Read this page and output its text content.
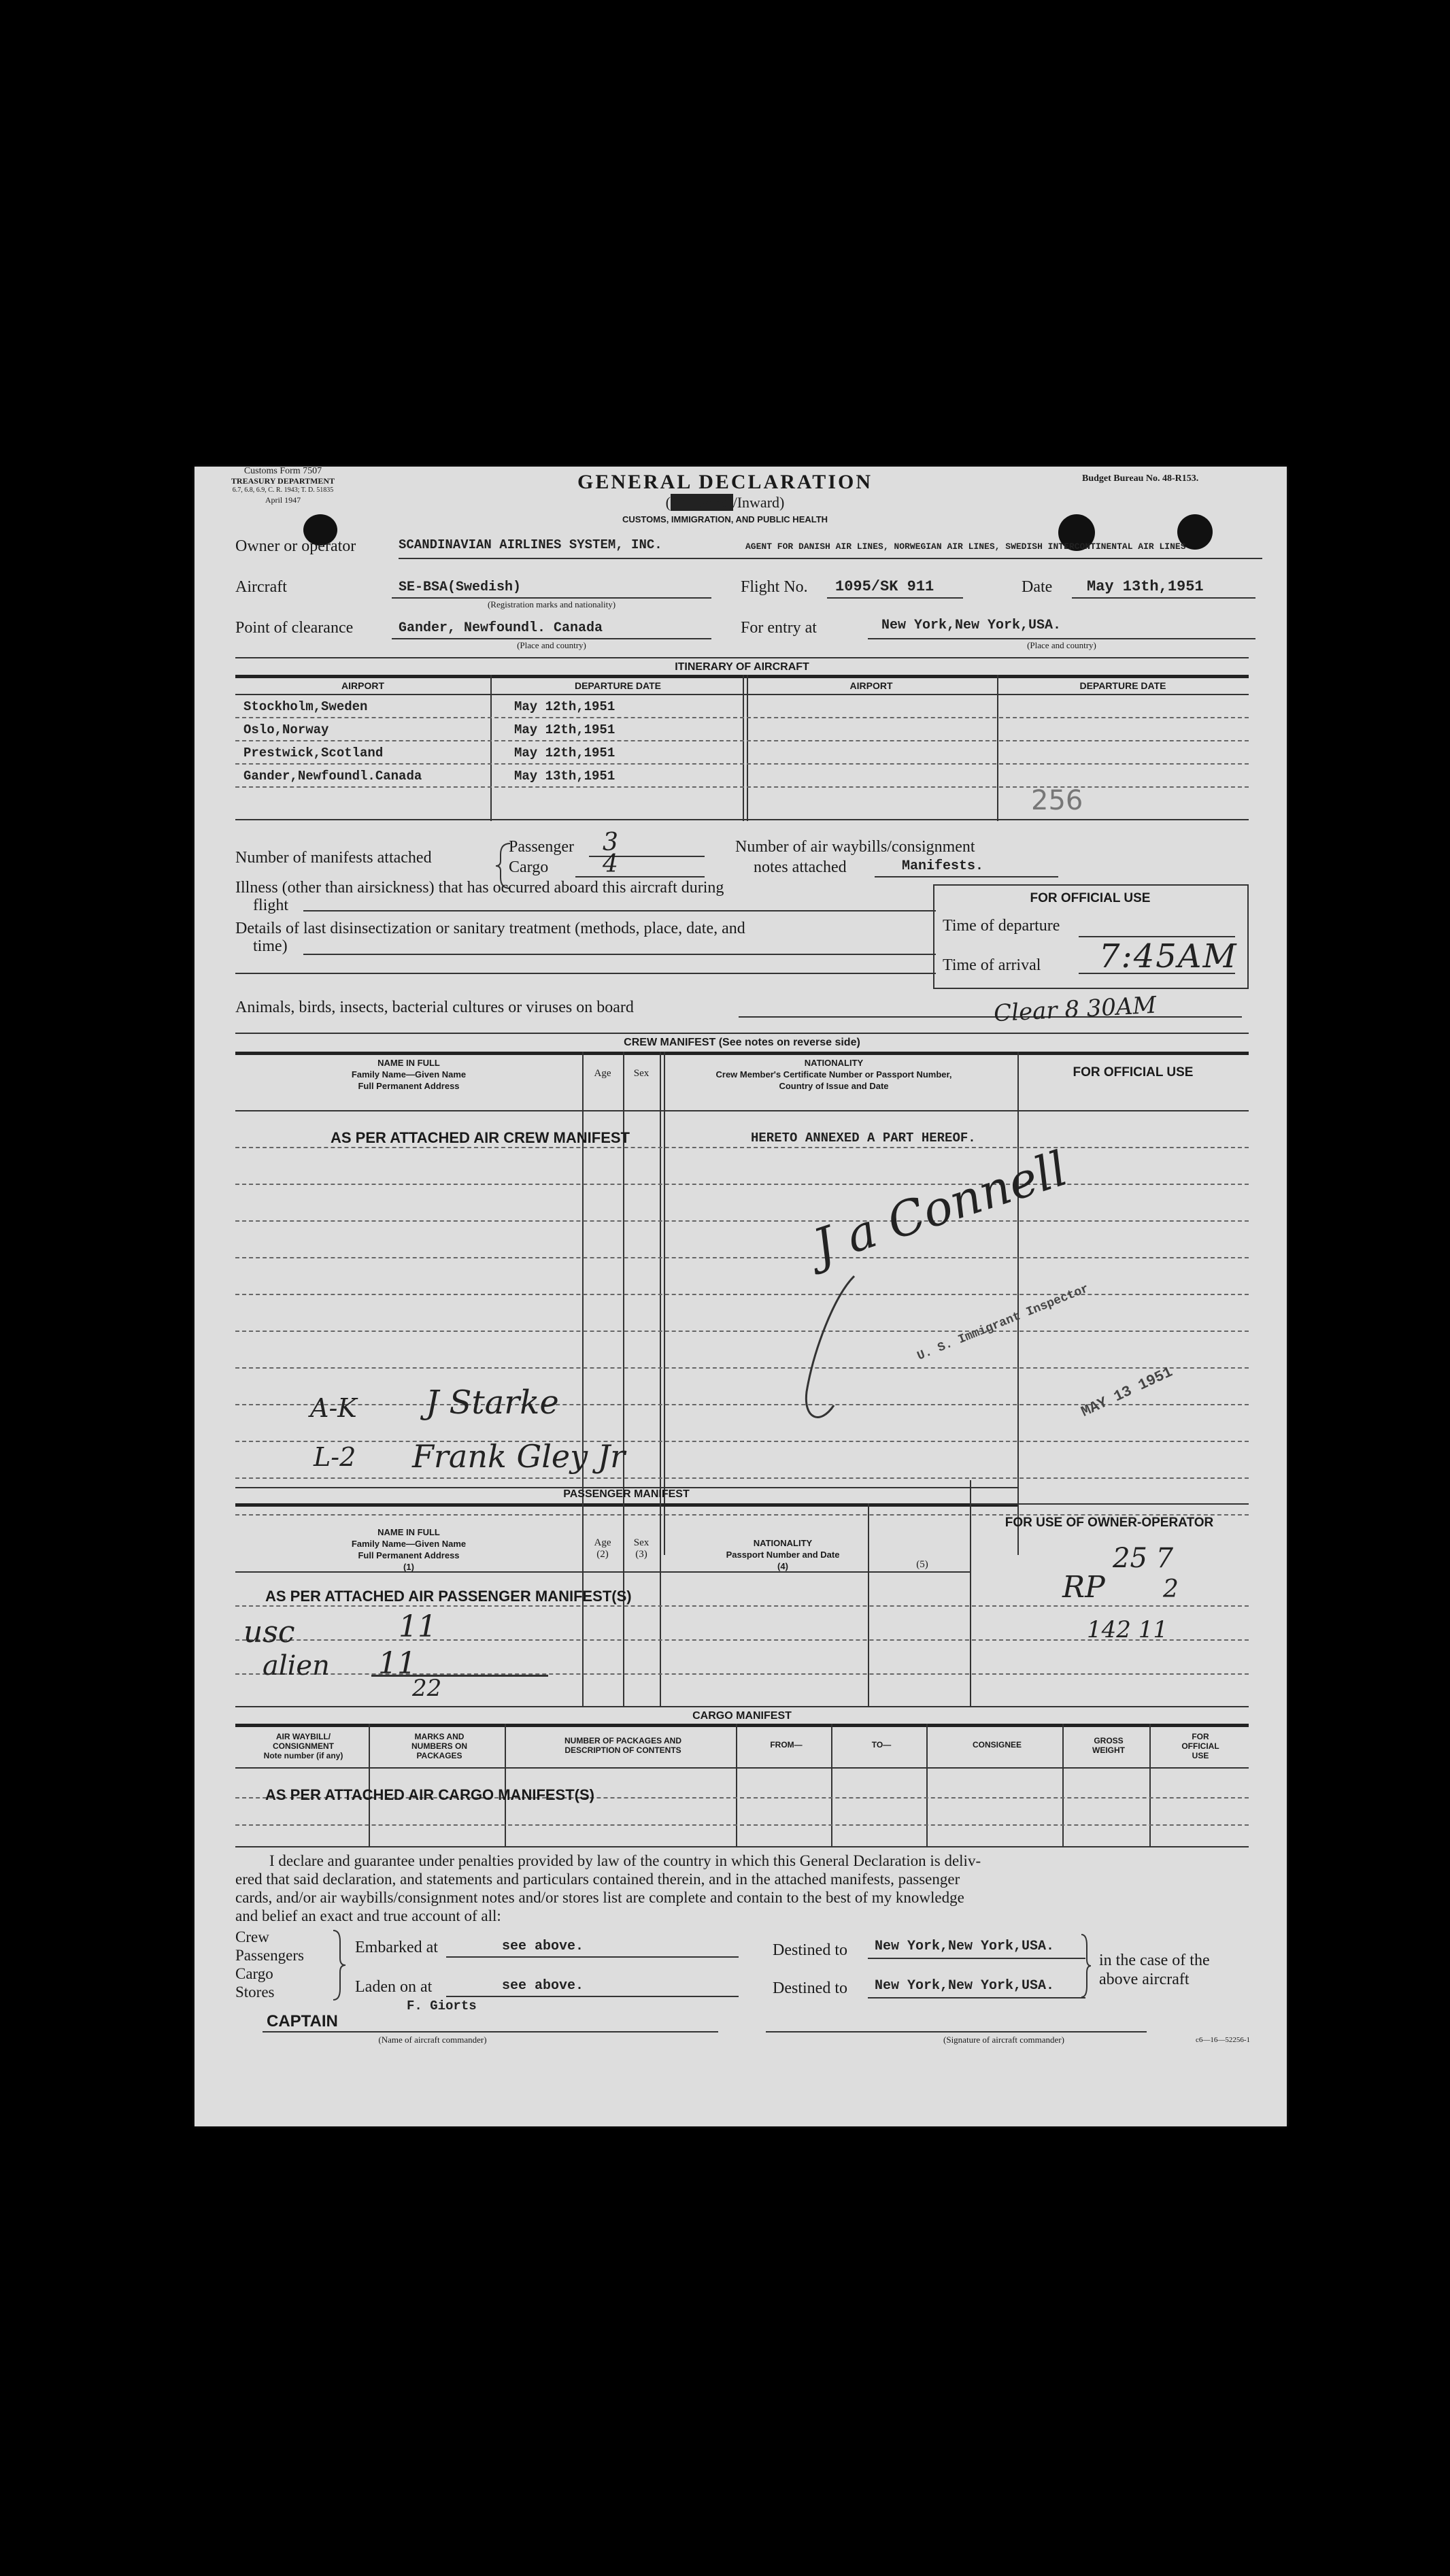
Customs Form 7507
TREASURY DEPARTMENT
6.7, 6.8, 6.9, C. R. 1943; T. D. 51835
April 1947
GENERAL DECLARATION
((Outward)/Inward)
CUSTOMS, IMMIGRATION, AND PUBLIC HEALTH
Budget Bureau No. 48-R153.
Owner or operator	SCANDINAVIAN AIRLINES SYSTEM, INC.	AGENT FOR DANISH AIR LINES, NORWEGIAN AIR LINES, SWEDISH INTERCONTINENTAL AIR LINES
Aircraft	SE-BSA(Swedish)
(Registration marks and nationality)
Flight No. 1095/SK 911	Date May 13th,1951
Point of clearance	Gander, Newfoundl. Canada
(Place and country)
For entry at	New York,New York,USA.
(Place and country)
ITINERARY OF AIRCRAFT
AIRPORT	DEPARTURE DATE	AIRPORT	DEPARTURE DATE
Stockholm,Sweden	May 12th,1951
Oslo,Norway	May 12th,1951
Prestwick,Scotland	May 12th,1951
Gander,Newfoundl.Canada	May 13th,1951
256
Number of manifests attached
Passenger 3
Cargo 4
Number of air waybills/consignment
notes attached	Manifests.
Illness (other than airsickness) that has occurred aboard this aircraft during
flight
Details of last disinsectization or sanitary treatment (methods, place, date, and
time)
FOR OFFICIAL USE
Time of departure
Time of arrival 7:45AM
Animals, birds, insects, bacterial cultures or viruses on board	Clear 8 30AM
CREW MANIFEST (See notes on reverse side)
NAME IN FULL
Family Name—Given Name
Full Permanent Address
Age	Sex
NATIONALITY
Crew Member's Certificate Number or Passport Number,
Country of Issue and Date
FOR OFFICIAL USE
AS PER ATTACHED AIR CREW MANIFEST	HERETO ANNEXED A PART HEREOF.
A-K J Starke
L-2 Frank Gley Jr
J a Connell
U. S. Immigrant Inspector
MAY 13 1951
PASSENGER MANIFEST
NAME IN FULL
Family Name—Given Name
Full Permanent Address
(1)
Age
(2)
Sex
(3)
NATIONALITY
Passport Number and Date
(4)	(5)
FOR USE OF OWNER-OPERATOR
AS PER ATTACHED AIR PASSENGER MANIFEST(S)
usc	11
alien 11
22
25 7
RP 2
142 11
CARGO MANIFEST
AIR WAYBILL/
CONSIGNMENT
Note number (if any)
MARKS AND
NUMBERS ON
PACKAGES
NUMBER OF PACKAGES AND
DESCRIPTION OF CONTENTS
FROM—	TO—	CONSIGNEE	GROSS
WEIGHT
FOR
OFFICIAL
USE
AS PER ATTACHED AIR CARGO MANIFEST(S)
I declare and guarantee under penalties provided by law of the country in which this General Declaration is deliv-
ered that said declaration, and statements and particulars contained therein, and in the attached manifests, passenger
cards, and/or air waybills/consignment notes and/or stores list are complete and contain to the best of my knowledge
and belief an exact and true account of all:
Crew
Passengers
Cargo
Stores
Embarked at	see above.
Laden on at	see above.
Destined to New York,New York,USA.
Destined to New York,New York,USA.
in the case of the
above aircraft
F. Giorts
CAPTAIN
(Name of aircraft commander)	(Signature of aircraft commander)	c6—16—52256-1
